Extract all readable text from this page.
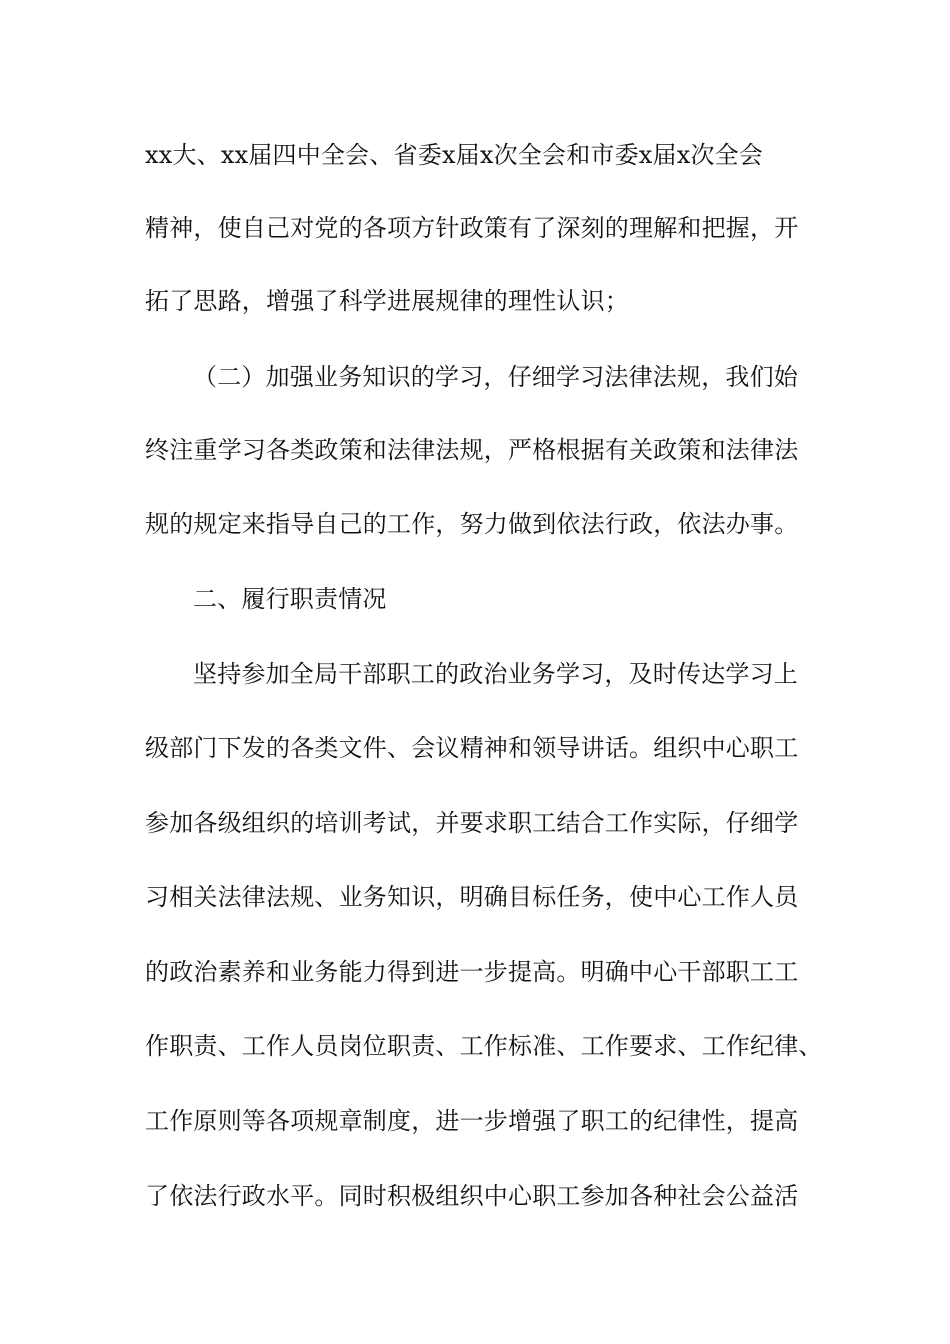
xx大、xx届四中全会、省委x届x次全会和市委x届x次全会
精神，使自己对党的各项方针政策有了深刻的理解和把握，开
拓了思路，增强了科学进展规律的理性认识；
（二）加强业务知识的学习，仔细学习法律法规，我们始
终注重学习各类政策和法律法规，严格根据有关政策和法律法
规的规定来指导自己的工作，努力做到依法行政，依法办事。
二、履行职责情况
坚持参加全局干部职工的政治业务学习，及时传达学习上
级部门下发的各类文件、会议精神和领导讲话。组织中心职工
参加各级组织的培训考试，并要求职工结合工作实际，仔细学
习相关法律法规、业务知识，明确目标任务，使中心工作人员
的政治素养和业务能力得到进一步提高。明确中心干部职工工
作职责、工作人员岗位职责、工作标准、工作要求、工作纪律、
工作原则等各项规章制度，进一步增强了职工的纪律性，提高
了依法行政水平。同时积极组织中心职工参加各种社会公益活
